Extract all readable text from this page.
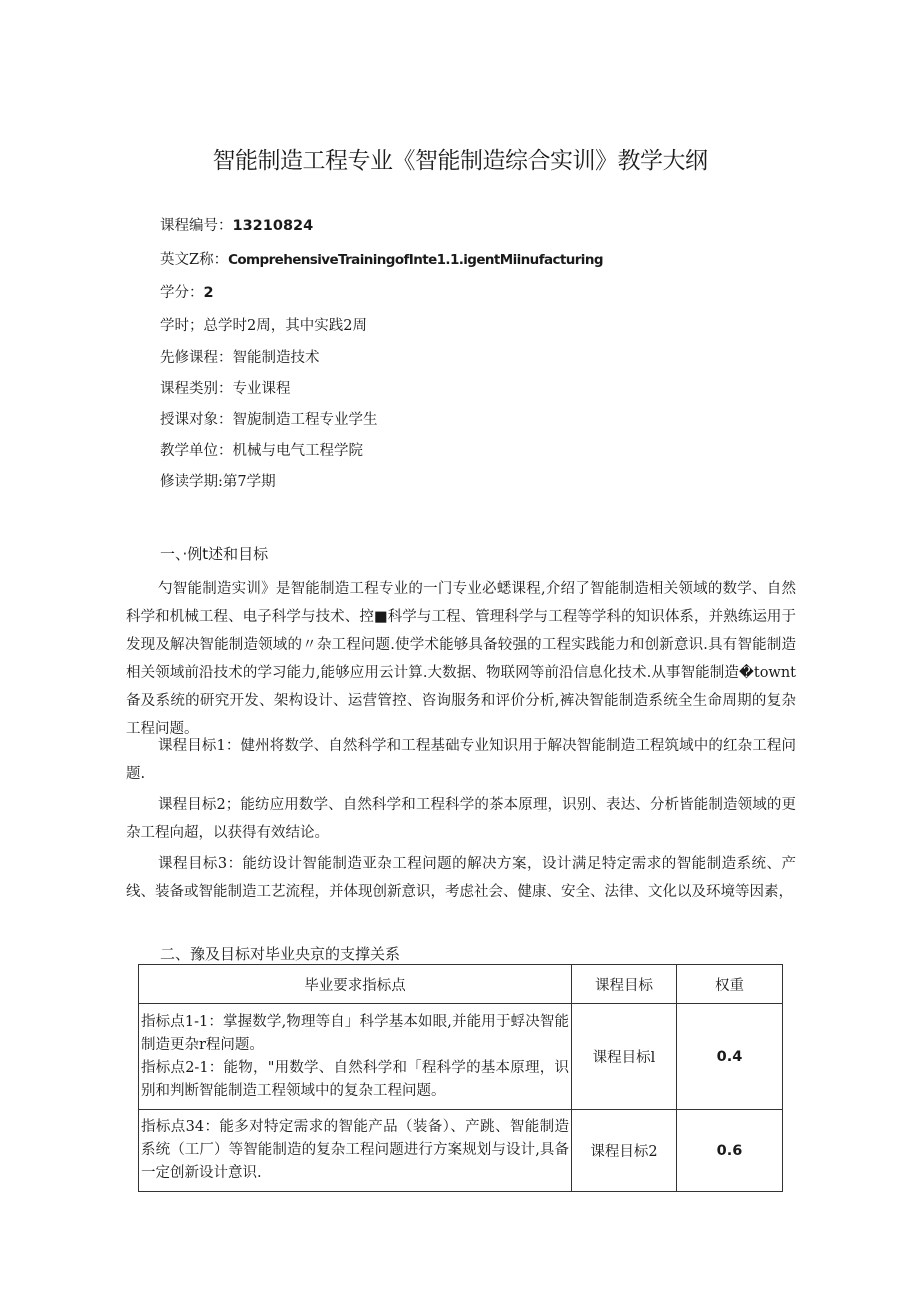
智能制造工程专业《智能制造综合实训》教学大纲
课程编号：13210824
英文Z称：ComprehensiveTrainingofInte1.1.igentMiinufacturing
学分：2
学时；总学时2周，其中实践2周
先修课程：智能制造技术
课程类别：专业课程
授课对象：智旎制造工程专业学生
教学单位：机械与电气工程学院
修读学期:第7学期
一、·例t述和目标

勺智能制造实训》是智能制造工程专业的一门专业必蟋课程,介绍了智能制造相关领域的数学、自然科学和机械工程、电子科学与技术、控■科学与工程、管理科学与工程等学科的知识体系，并熟练运用于发现及解决智能制造领域的〃杂工程问题.使学术能够具备较强的工程实践能力和创新意识.具有智能制造相关领域前沿技术的学习能力,能够应用云计算.大数据、物联网等前沿信息化技术.从事智能制造�townt备及系统的研究开发、架构设计、运营管控、咨询服务和评价分析,裤决智能制造系统全生命周期的复杂工程问题。

课程目标1：健州将数学、自然科学和工程基础专业知识用于解决智能制造工程筑域中的红杂工程问题.
课程目标2；能纺应用数学、自然科学和工程科学的茶本原理，识别、表达、分析皆能制造领域的更杂工程向超，以获得有效结论。
课程目标3：能纺设计智能制造亚杂工程问题的解决方案，设计满足特定需求的智能制造系统、产线、装备或智能制造工艺流程，并体现创新意识，考虑社会、健康、安全、法律、文化以及环境等因素，
二、豫及目标对毕业央京的支撑关系
毕业要求指标点	课程目标	权重

指标点1-1：掌握数学,物理等自」科学基本如眼,并能用于蜉决智能制造更杂r程问题。
指标点2-1：能物，"用数学、自然科学和「程科学的基本原理，识别和判断智能制造工程领域中的复杂工程问题。	课程目标l	0.4

指标点34：能多对特定需求的智能产品（装备）、产跳、智能制造系统（工厂）等智能制造的复杂工程问题进行方案规划与设计,具备一定创新设计意识.	课程目标2	0.6
